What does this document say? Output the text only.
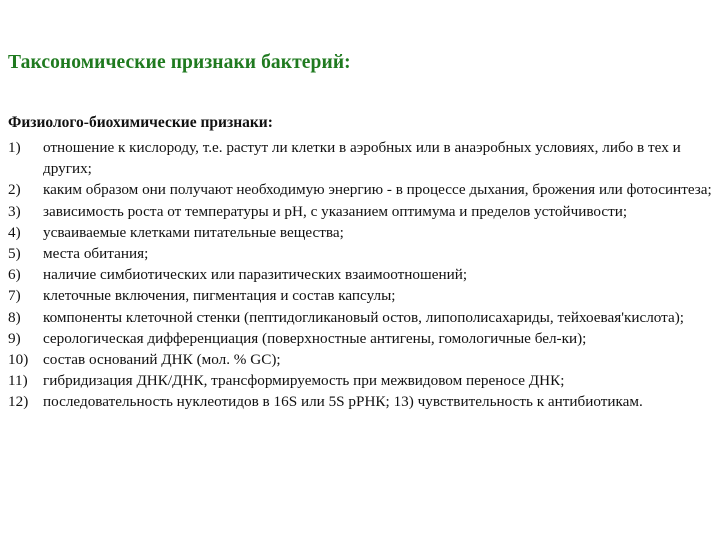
Таксономические признаки бактерий:
Физиолого-биохимические признаки:
1)	отношение к кислороду, т.е. растут ли клетки в аэробных или в анаэробных условиях, либо в тех и других;
2)	каким образом они получают необходимую энергию - в процессе дыхания, брожения или фотосинтеза;
3)	зависимость роста от температуры и рН, с указанием оптимума и пределов устойчивости;
4)	усваиваемые клетками питательные вещества;
5)	места обитания;
6)	наличие симбиотических или паразитических взаимоотношений;
7)	клеточные включения, пигментация и состав капсулы;
8)	компоненты клеточной стенки (пептидогликановый остов, липополисахариды, тейхоевая'кислота);
9)	серологическая дифференциация (поверхностные антигены, гомологичные бел-ки);
10) состав оснований ДНК (мол. % GC);
11)	гибридизация ДНК/ДНК, трансформируемость при межвидовом переносе ДНК;
12) последовательность нуклеотидов в 16S или 5S рРНК; 13) чувствительность к антибиотикам.
